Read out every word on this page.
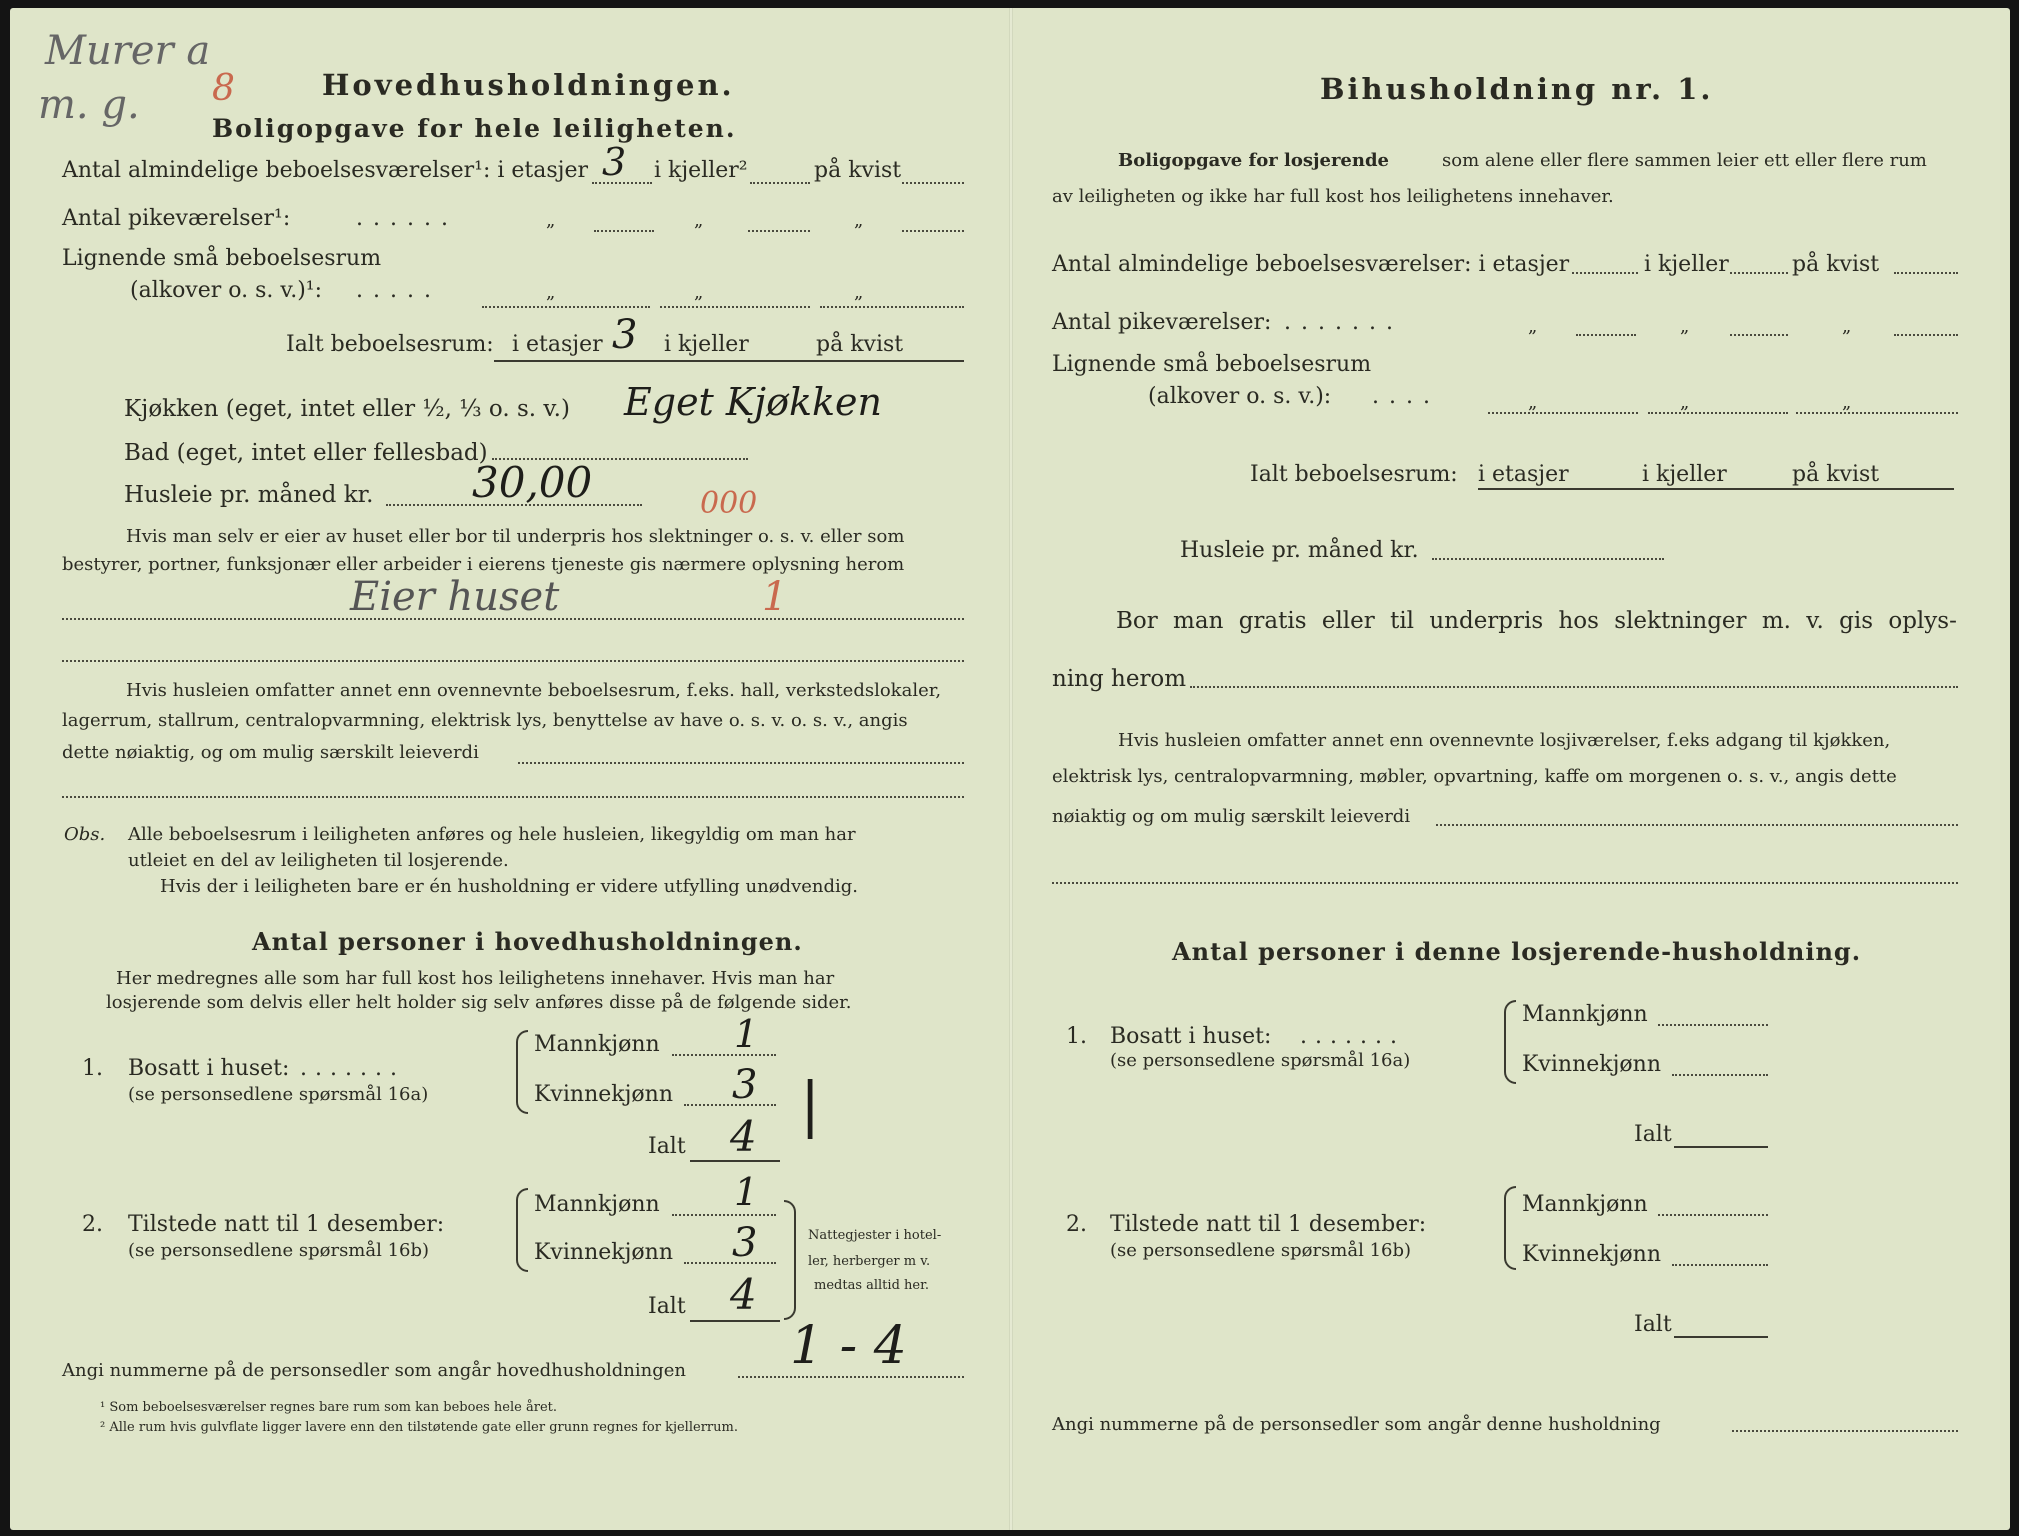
Murer a
m. g. 8	Hovedhusholdningen.
Boligopgave for hele leiligheten.
Antal almindelige beboelsesværelser¹: i etasjer 3 i kjeller²	på kvist
Antal pikeværelser¹:	......	„	„	„
Lignende små beboelsesrum
(alkover o. s. v.)¹: .....	„	„	„
Ialt beboelsesrum: i etasjer 3 i kjeller	på kvist
Kjøkken (eget, intet eller ½, ⅓ o. s. v.) Eget Kjøkken
Bad (eget, intet eller fellesbad)
Husleie pr. måned kr. 30,00	000
Hvis man selv er eier av huset eller bor til underpris hos slektninger o. s. v. eller som
bestyrer, portner, funksjonær eller arbeider i eierens tjeneste gis nærmere oplysning herom
Eier huset	1
Hvis husleien omfatter annet enn ovennevnte beboelsesrum, f.eks. hall, verkstedslokaler,
lagerrum, stallrum, centralopvarmning, elektrisk lys, benyttelse av have o. s. v. o. s. v., angis
dette nøiaktig, og om mulig særskilt leieverdi
Obs. Alle beboelsesrum i leiligheten anføres og hele husleien, likegyldig om man har
utleiet en del av leiligheten til losjerende.
Hvis der i leiligheten bare er én husholdning er videre utfylling unødvendig.
Antal personer i hovedhusholdningen.
Her medregnes alle som har full kost hos leilighetens innehaver. Hvis man har
losjerende som delvis eller helt holder sig selv anføres disse på de følgende sider.
1. Bosatt i huset: .......
(se personsedlene spørsmål 16a)
Mannkjønn 1
Kvinnekjønn 3
Ialt 4 |
2. Tilstede natt til 1 desember:
(se personsedlene spørsmål 16b)
Mannkjønn 1
Kvinnekjønn 3
Ialt 4
Nattegjester i hotel-
ler, herberger m v.
medtas alltid her.
Angi nummerne på de personsedler som angår hovedhusholdningen 1 - 4
¹ Som beboelsesværelser regnes bare rum som kan beboes hele året.
² Alle rum hvis gulvflate ligger lavere enn den tilstøtende gate eller grunn regnes for kjellerrum.
Bihusholdning nr. 1.
Boligopgave for losjerende	som alene eller flere sammen leier ett eller flere rum
av leiligheten og ikke har full kost hos leilighetens innehaver.
Antal almindelige beboelsesværelser: i etasjer	i kjeller	på kvist
Antal pikeværelser: .......	„	„	„
Lignende små beboelsesrum
(alkover o. s. v.): ....	„	„	„
Ialt beboelsesrum: i etasjer	i kjeller	på kvist
Husleie pr. måned kr.
Bor man gratis eller til underpris hos slektninger m. v. gis oplys-
ning herom
Hvis husleien omfatter annet enn ovennevnte losjiværelser, f.eks adgang til kjøkken,
elektrisk lys, centralopvarmning, møbler, opvartning, kaffe om morgenen o. s. v., angis dette
nøiaktig og om mulig særskilt leieverdi
Antal personer i denne losjerende-husholdning.
1. Bosatt i huset: .......
(se personsedlene spørsmål 16a)
Mannkjønn
Kvinnekjønn
Ialt
2. Tilstede natt til 1 desember:
(se personsedlene spørsmål 16b)
Mannkjønn
Kvinnekjønn
Ialt
Angi nummerne på de personsedler som angår denne husholdning
